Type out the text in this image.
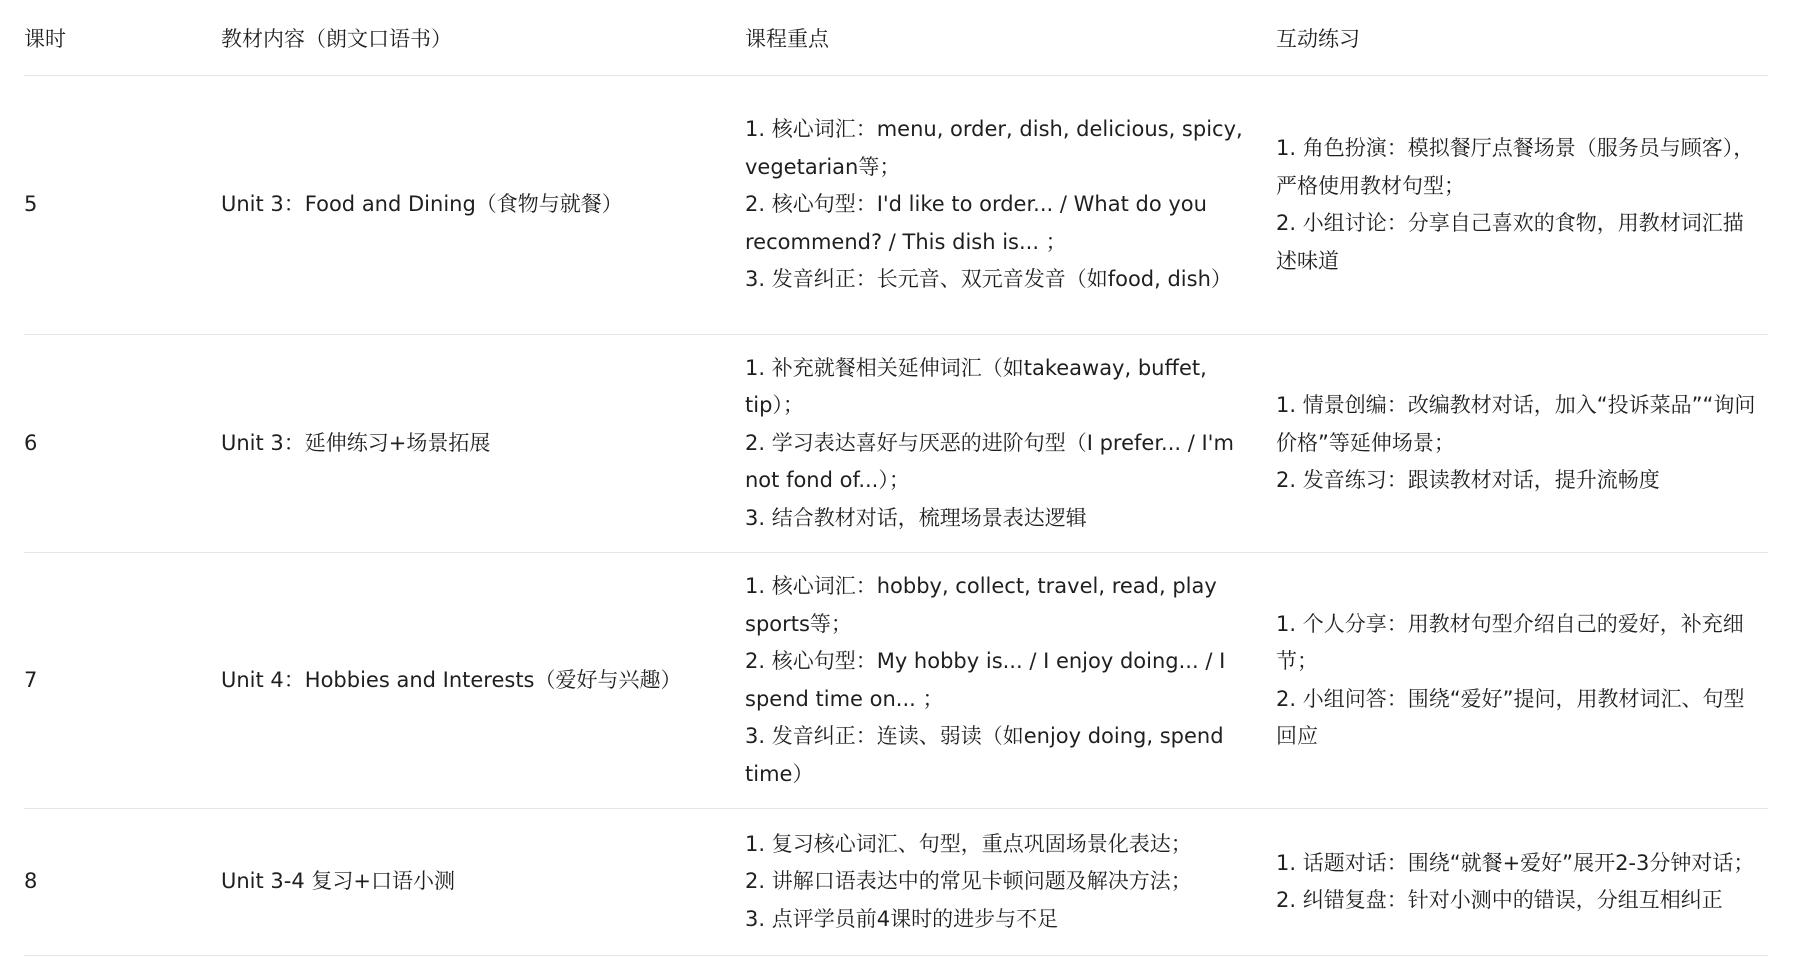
课时	教材内容（朗文口语书）	课程重点	互动练习
5	Unit 3：Food and Dining（食物与就餐）	1. 核心词汇：menu, order, dish, delicious, spicy, vegetarian等；
2. 核心句型：I'd like to order... / What do you recommend? / This dish is... ；
3. 发音纠正：长元音、双元音发音（如food, dish）	1. 角色扮演：模拟餐厅点餐场景（服务员与顾客），严格使用教材句型；
2. 小组讨论：分享自己喜欢的食物，用教材词汇描述味道

6	Unit 3：延伸练习+场景拓展	1. 补充就餐相关延伸词汇（如takeaway, buffet, tip）；
2. 学习表达喜好与厌恶的进阶句型（I prefer... / I'm not fond of...）；
3. 结合教材对话，梳理场景表达逻辑	1. 情景创编：改编教材对话，加入“投诉菜品”“询问价格”等延伸场景；
2. 发音练习：跟读教材对话，提升流畅度

7	Unit 4：Hobbies and Interests（爱好与兴趣）	1. 核心词汇：hobby, collect, travel, read, play sports等；
2. 核心句型：My hobby is... / I enjoy doing... / I spend time on... ；
3. 发音纠正：连读、弱读（如enjoy doing, spend time）	1. 个人分享：用教材句型介绍自己的爱好，补充细节；
2. 小组问答：围绕“爱好”提问，用教材词汇、句型回应

8	Unit 3-4 复习+口语小测	1. 复习核心词汇、句型，重点巩固场景化表达；
2. 讲解口语表达中的常见卡顿问题及解决方法；
3. 点评学员前4课时的进步与不足	1. 话题对话：围绕“就餐+爱好”展开2-3分钟对话；
2. 纠错复盘：针对小测中的错误，分组互相纠正
